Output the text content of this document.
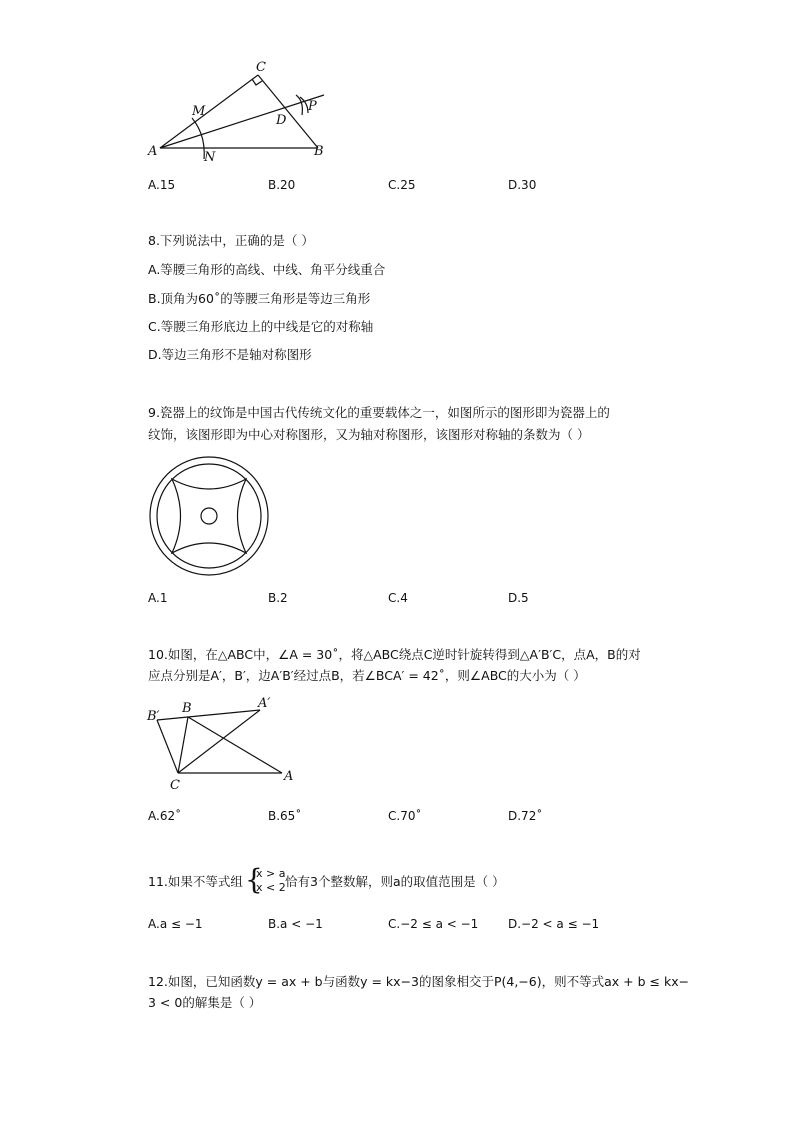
C
M
D
P
A	N	B
A.15	B.20	C.25	D.30
8.下列说法中，正确的是（ ）
A.等腰三角形的高线、中线、角平分线重合
B.顶角为60˚的等腰三角形是等边三角形
C.等腰三角形底边上的中线是它的对称轴
D.等边三角形不是轴对称图形
9.瓷器上的纹饰是中国古代传统文化的重要载体之一，如图所示的图形即为瓷器上的
纹饰，该图形即为中心对称图形，又为轴对称图形，该图形对称轴的条数为（ ）
A.1	B.2	C.4	D.5
10.如图，在△ABC中，∠A = 30˚，将△ABC绕点C逆时针旋转得到△A′B′C，点A，B的对
应点分别是A′，B′，边A′B′经过点B，若∠BCA′ = 42˚，则∠ABC的大小为（ ）
B′
B	A′
C
A
A.62˚	B.65˚	C.70˚	D.72˚
11.如果不等式组 {
x > a
x < 2 恰有3个整数解，则a的取值范围是（ ）
A.a ≤ −1	B.a < −1	C.−2 ≤ a < −1 D.−2 < a ≤ −1
12.如图，已知函数y = ax + b与函数y = kx−3的图象相交于P(4,−6)，则不等式ax + b ≤ kx−
3 < 0的解集是（ ）
